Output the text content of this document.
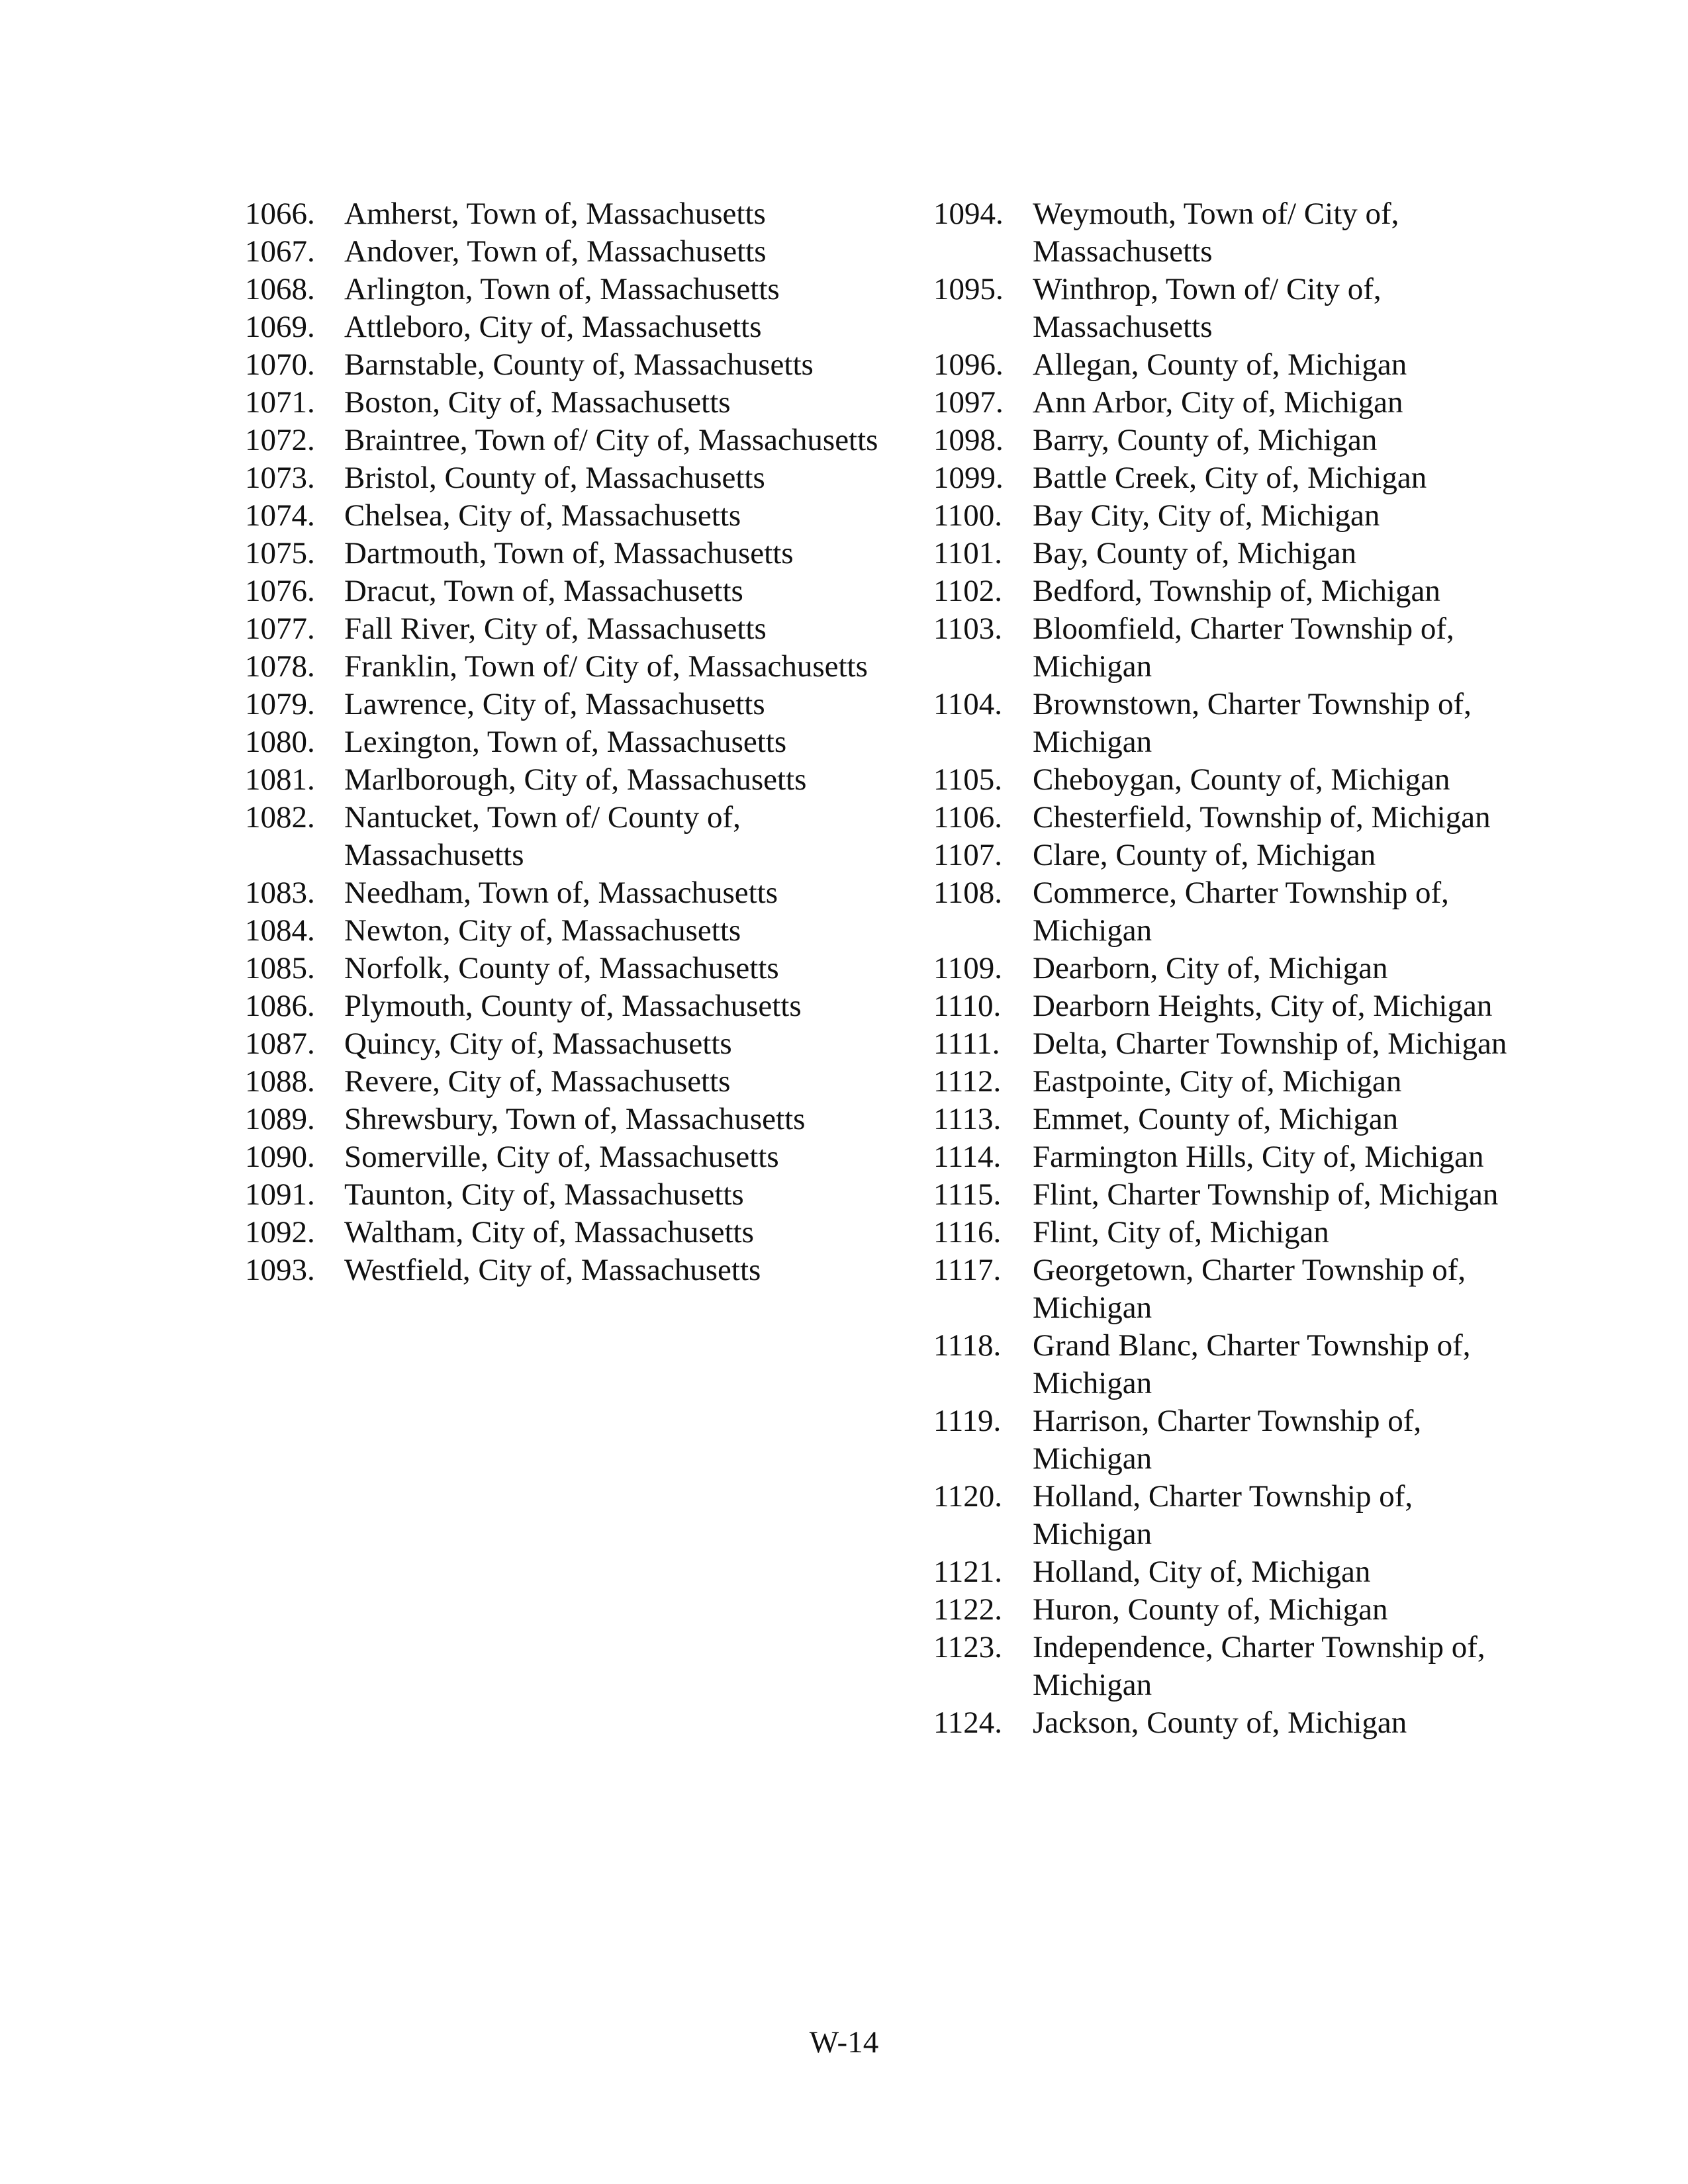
1066. Amherst, Town of, Massachusetts
1067. Andover, Town of, Massachusetts
1068. Arlington, Town of, Massachusetts
1069. Attleboro, City of, Massachusetts
1070. Barnstable, County of, Massachusetts
1071. Boston, City of, Massachusetts
1072. Braintree, Town of/ City of, Massachusetts
1073. Bristol, County of, Massachusetts
1074. Chelsea, City of, Massachusetts
1075. Dartmouth, Town of, Massachusetts
1076. Dracut, Town of, Massachusetts
1077. Fall River, City of, Massachusetts
1078. Franklin, Town of/ City of, Massachusetts
1079. Lawrence, City of, Massachusetts
1080. Lexington, Town of, Massachusetts
1081. Marlborough, City of, Massachusetts
1082. Nantucket, Town of/ County of, Massachusetts
1083. Needham, Town of, Massachusetts
1084. Newton, City of, Massachusetts
1085. Norfolk, County of, Massachusetts
1086. Plymouth, County of, Massachusetts
1087. Quincy, City of, Massachusetts
1088. Revere, City of, Massachusetts
1089. Shrewsbury, Town of, Massachusetts
1090. Somerville, City of, Massachusetts
1091. Taunton, City of, Massachusetts
1092. Waltham, City of, Massachusetts
1093. Westfield, City of, Massachusetts
1094. Weymouth, Town of/ City of, Massachusetts
1095. Winthrop, Town of/ City of, Massachusetts
1096. Allegan, County of, Michigan
1097. Ann Arbor, City of, Michigan
1098. Barry, County of, Michigan
1099. Battle Creek, City of, Michigan
1100. Bay City, City of, Michigan
1101. Bay, County of, Michigan
1102. Bedford, Township of, Michigan
1103. Bloomfield, Charter Township of, Michigan
1104. Brownstown, Charter Township of, Michigan
1105. Cheboygan, County of, Michigan
1106. Chesterfield, Township of, Michigan
1107. Clare, County of, Michigan
1108. Commerce, Charter Township of, Michigan
1109. Dearborn, City of, Michigan
1110.	Dearborn Heights, City of, Michigan
1111.	Delta, Charter Township of, Michigan
1112.	Eastpointe, City of, Michigan
1113.	Emmet, County of, Michigan
1114.	Farmington Hills, City of, Michigan
1115.	Flint, Charter Township of, Michigan
1116.	Flint, City of, Michigan
1117.	Georgetown, Charter Township of, Michigan
1118.	Grand Blanc, Charter Township of, Michigan
1119.	Harrison, Charter Township of, Michigan
1120. Holland, Charter Township of, Michigan
1121. Holland, City of, Michigan
1122. Huron, County of, Michigan
1123. Independence, Charter Township of, Michigan
1124. Jackson, County of, Michigan
W-14
